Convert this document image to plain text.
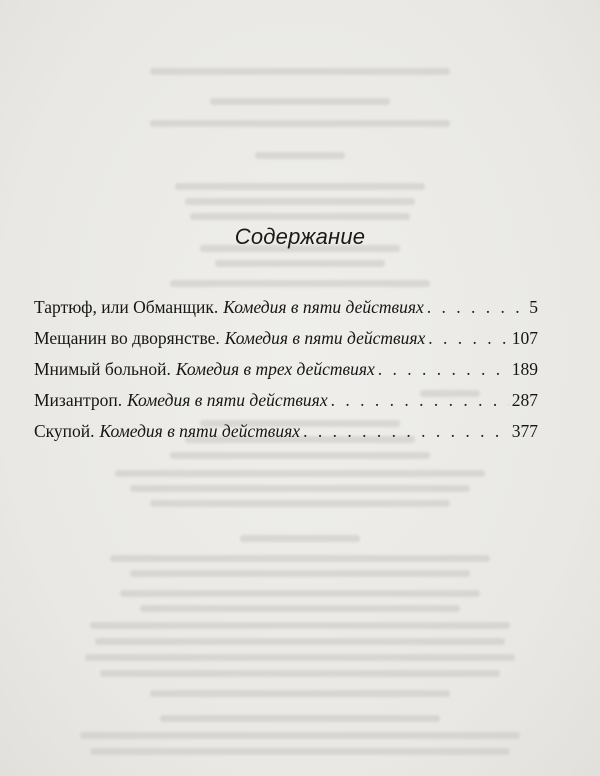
Содержание
Тартюф, или Обманщик. Комедия в пяти действиях . . .	5
Мещанин во дворянстве. Комедия в пяти действиях . . .	107
Мнимый больной. Комедия в трех действиях . . .	189
Мизантроп. Комедия в пяти действиях . . .	287
Скупой. Комедия в пяти действиях . . .	377
